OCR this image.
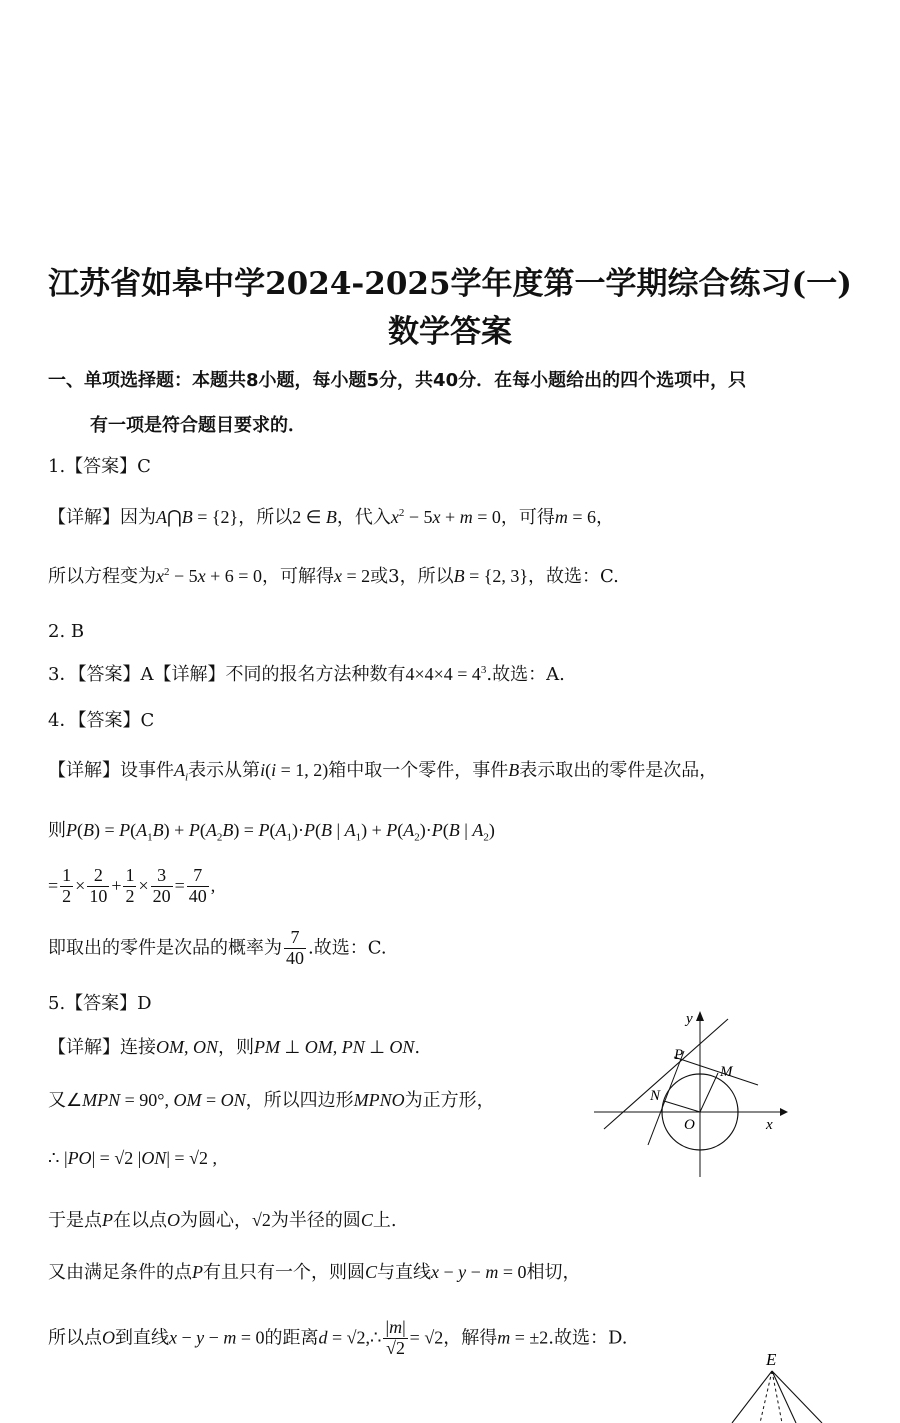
江苏省如皋中学2024-2025学年度第一学期综合练习(一)
数学答案
一、单项选择题：本题共8小题，每小题5分，共40分．在每小题给出的四个选项中，只
有一项是符合题目要求的．
1.【答案】C
【详解】因为A⋂B = {2}，所以2 ∈ B，代入$x^2 - 5x + m = 0$，可得m = 6，
所以方程变为$x^2 - 5x + 6 = 0$，可解得x = 2或3，所以B = {2, 3}，故选：C.
2. B
3．【答案】A【详解】不同的报名方法种数有$4\times 4\times 4 = 4^3$.故选：A.
4．【答案】C
【详解】设事件$A_i$表示从第i(i = 1, 2)箱中取一个零件，事件B表示取出的零件是次品，
则$P(B) = P(A_1B) + P(A_2B) = P(A_1)\cdot P(B$ | $A_1) + P(A_2)\cdot P(B$ | $A_2$)
= $\frac{1}{2} \times \frac{2}{10} + \frac{1}{2} \times \frac{3}{20} = \frac{7}{40}$ ,
即取出的零件是次品的概率为 $\frac{7}{40}$ .故选：C.
5.【答案】D
【详解】连接OM, ON，则PM ⊥ OM, PN ⊥ ON.
又∠MPN = 90°, OM = ON，所以四边形MPNO为正方形，
∴ |PO| = √2 |ON| = √2 ,
于是点P在以点O为圆心，√2为半径的圆C上.
又由满足条件的点P有且只有一个，则圆C与直线x − y − m = 0相切，
所以点O到直线x − y − m = 0的距离d = √2,∴ $\frac{|m|}{√2} = √2$，解得m = ±2.故选：D.
y
x
P
M
N
O
E
